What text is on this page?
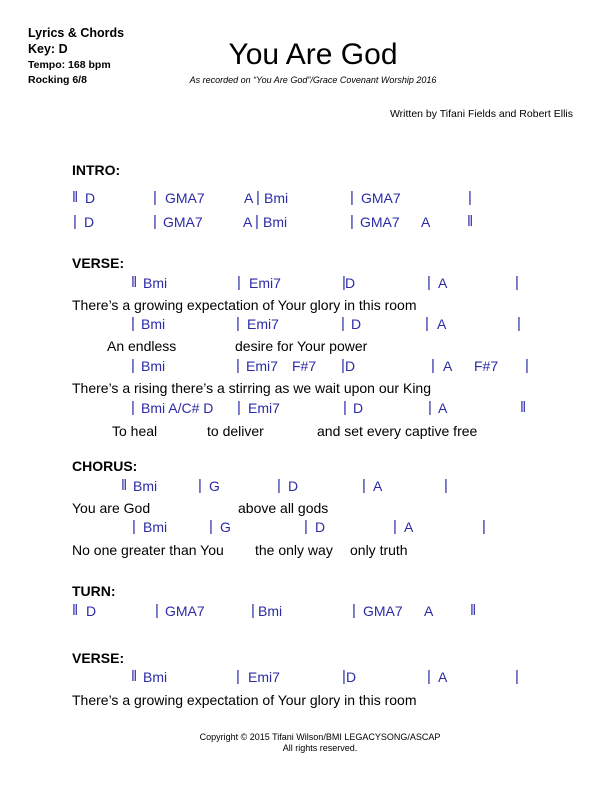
Lyrics & Chords
Key: D
Tempo: 168 bpm
Rocking 6/8
You Are God
As recorded on “You Are God”/Grace Covenant Worship 2016
Written by Tifani Fields and Robert Ellis
INTRO:
‖ D	| GMA7	A | Bmi	| GMA7	|
| D	| GMA7	A | Bmi	| GMA7 A ‖
VERSE:
‖ Bmi	| Emi7	| D	| A	|
There’s a growing expectation of Your glory in this room
| Bmi	| Emi7	| D	| A	|
An endless	desire for Your power
| Bmi	| Emi7 F#7 | D	| A F#7 |
There’s a rising there’s a stirring as we wait upon our King
| Bmi A/C# D | Emi7	| D	| A	‖
To heal	to deliver	and set every captive free
CHORUS:
‖ Bmi	| G	| D	| A	|
You are God	above all gods
| Bmi	| G	| D	| A	|
No one greater than You the only way only truth
TURN:
‖ D	| GMA7	| Bmi	| GMA7 A ‖
VERSE:
‖ Bmi	| Emi7	| D	| A	|
There’s a growing expectation of Your glory in this room
Copyright © 2015 Tifani Wilson/BMI LEGACYSONG/ASCAP
All rights reserved.
